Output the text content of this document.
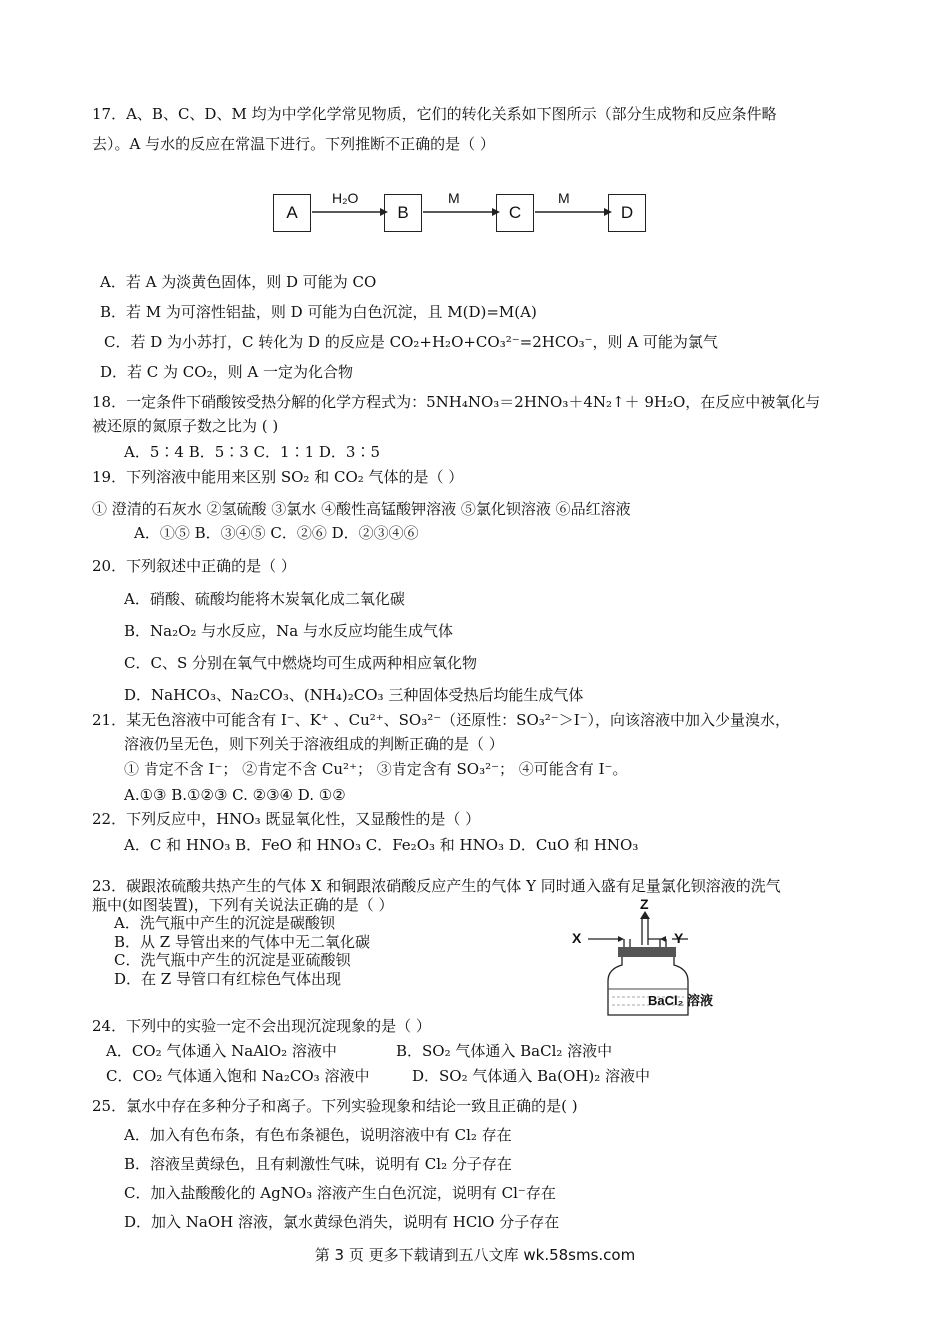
17．A、B、C、D、M 均为中学化学常见物质，它们的转化关系如下图所示（部分生成物和反应条件略
去）。A 与水的反应在常温下进行。下列推断不正确的是（ ）
A	B	C	D
H₂O	M	M
A．若 A 为淡黄色固体，则 D 可能为 CO
B．若 M 为可溶性铝盐，则 D 可能为白色沉淀，且 M(D)=M(A)
C．若 D 为小苏打，C 转化为 D 的反应是 CO₂+H₂O+CO₃²⁻=2HCO₃⁻，则 A 可能为氯气
D．若 C 为 CO₂，则 A 一定为化合物
18．一定条件下硝酸铵受热分解的化学方程式为：5NH₄NO₃＝2HNO₃＋4N₂↑＋ 9H₂O，在反应中被氧化与
被还原的氮原子数之比为 ( )
A．5∶4 B．5∶3 C．1∶1 D．3∶5
19．下列溶液中能用来区别 SO₂ 和 CO₂ 气体的是（ ）
① 澄清的石灰水 ②氢硫酸 ③氯水 ④酸性高锰酸钾溶液 ⑤氯化钡溶液 ⑥品红溶液
A．①⑤ B．③④⑤ C．②⑥ D．②③④⑥
20．下列叙述中正确的是（ ）
A．硝酸、硫酸均能将木炭氧化成二氧化碳
B．Na₂O₂ 与水反应，Na 与水反应均能生成气体
C．C、S 分别在氧气中燃烧均可生成两种相应氧化物
D．NaHCO₃、Na₂CO₃、(NH₄)₂CO₃ 三种固体受热后均能生成气体
21．某无色溶液中可能含有 I⁻、K⁺ 、Cu²⁺、SO₃²⁻（还原性：SO₃²⁻＞I⁻），向该溶液中加入少量溴水，
溶液仍呈无色，则下列关于溶液组成的判断正确的是（ ）
① 肯定不含 I⁻； ②肯定不含 Cu²⁺； ③肯定含有 SO₃²⁻； ④可能含有 I⁻。
A.①③ B.①②③ C. ②③④ D. ①②
22．下列反应中，HNO₃ 既显氧化性，又显酸性的是（ ）
A．C 和 HNO₃ B．FeO 和 HNO₃ C．Fe₂O₃ 和 HNO₃ D．CuO 和 HNO₃
23．碳跟浓硫酸共热产生的气体 X 和铜跟浓硝酸反应产生的气体 Y 同时通入盛有足量氯化钡溶液的洗气
瓶中(如图装置)，下列有关说法正确的是（ ）
A．洗气瓶中产生的沉淀是碳酸钡
B．从 Z 导管出来的气体中无二氧化碳
C．洗气瓶中产生的沉淀是亚硫酸钡
D．在 Z 导管口有红棕色气体出现
X	Y
Z
BaCl₂ 溶液
24．下列中的实验一定不会出现沉淀现象的是（ ）
A．CO₂ 气体通入 NaAlO₂ 溶液中	B．SO₂ 气体通入 BaCl₂ 溶液中
C．CO₂ 气体通入饱和 Na₂CO₃ 溶液中	D．SO₂ 气体通入 Ba(OH)₂ 溶液中
25．氯水中存在多种分子和离子。下列实验现象和结论一致且正确的是( )
A．加入有色布条，有色布条褪色，说明溶液中有 Cl₂ 存在
B．溶液呈黄绿色，且有刺激性气味，说明有 Cl₂ 分子存在
C．加入盐酸酸化的 AgNO₃ 溶液产生白色沉淀，说明有 Cl⁻存在
D．加入 NaOH 溶液，氯水黄绿色消失，说明有 HClO 分子存在
第 3 页 更多下载请到五八文库 wk.58sms.com
